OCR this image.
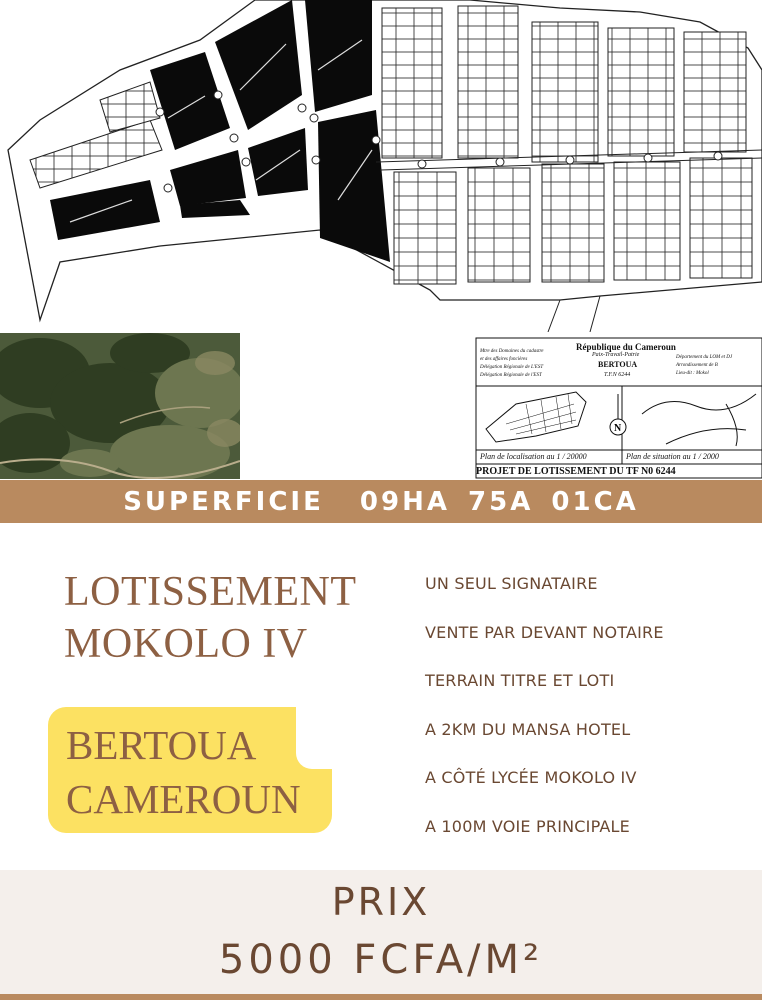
N
République du Cameroun
Paix-Travail-Patrie
BERTOUA
T.F.N 6244
Mtre des Domaines du cadastre
et des affaires foncières
Délégation Régionale de L'EST
Délégation Régionale de l'EST
Département du LOM et DJ
Arrondissement de B
Lieu-dit : Mokol
Plan de localisation au 1 / 20000	Plan de situation au 1 / 2000
PROJET DE LOTISSEMENT DU TF N0 6244
SUPERFICIE  09HA 75A 01CA
LOTISSEMENT
MOKOLO IV
BERTOUA
CAMEROUN
UN SEUL SIGNATAIRE
VENTE PAR DEVANT NOTAIRE
TERRAIN TITRE ET LOTI
A 2KM DU MANSA HOTEL
A CÔTÉ LYCÉE MOKOLO IV
A 100M VOIE PRINCIPALE
PRIX
5000 FCFA/M²
